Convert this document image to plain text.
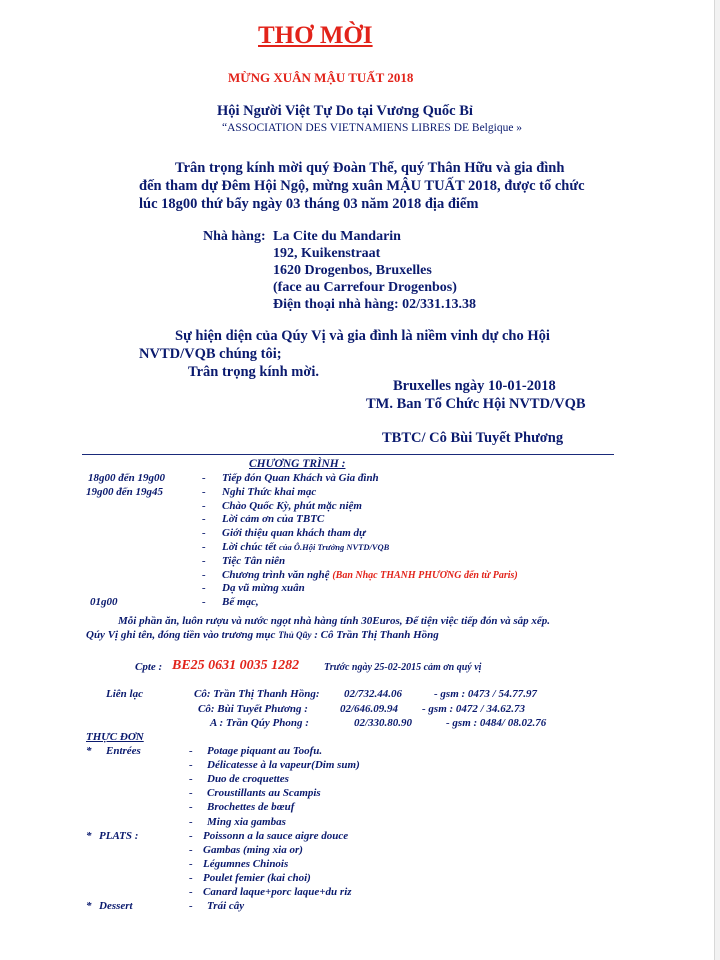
THƠ MỜI
MỪNG XUÂN MẬU TUẤT 2018
Hội Người Việt Tự Do tại Vương Quốc Bỉ
“ASSOCIATION DES VIETNAMIENS LIBRES DE Belgique »
Trân trọng kính mời quý Đoàn Thể, quý Thân Hữu và gia đình
đến tham dự Đêm Hội Ngộ, mừng xuân MẬU TUẤT 2018, được tổ chức
lúc 18g00 thứ bẩy ngày 03 tháng 03 năm 2018 địa điểm
Nhà hàng: La Cite du Mandarin
192, Kuikenstraat
1620 Drogenbos, Bruxelles
(face au Carrefour Drogenbos)
Điện thoại nhà hàng: 02/331.13.38
Sự hiện diện của Qúy Vị và gia đình là niềm vinh dự cho Hội
NVTD/VQB chúng tôi;
Trân trọng kính mời.
Bruxelles ngày 10-01-2018
TM. Ban Tổ Chức Hội NVTD/VQB
TBTC/ Cô Bùi Tuyết Phương
CHƯƠNG TRÌNH :
18g00 đến 19g00	- Tiếp đón Quan Khách và Gia đình
19g00 đến 19g45	- Nghi Thức khai mạc
- Chào Quốc Kỳ, phút mặc niệm
- Lời cảm ơn của TBTC
- Giới thiệu quan khách tham dự
- Lời chúc tết của Ô.Hội Trưởng NVTD/VQB
- Tiệc Tân niên
- Chương trình văn nghệ (Ban Nhạc THANH PHƯƠNG đến từ Paris)
- Dạ vũ mừng xuân
01g00	- Bế mạc,
Mỗi phần ăn, luôn rượu và nước ngọt nhà hàng tính 30Euros, Để tiện việc tiếp đón và sắp xếp.
Qúy Vị ghi tên, đóng tiền vào trương mục Thủ Qũy : Cô Trần Thị Thanh Hồng
Cpte : BE25 0631 0035 1282 Trước ngày 25-02-2015 cảm ơn quý vị
Liên lạc	Cô: Trần Thị Thanh Hồng: 02/732.44.06	- gsm : 0473 / 54.77.97
Cô: Bùi Tuyết Phương :	02/646.09.94 - gsm : 0472 / 34.62.73
A : Trần Qúy Phong :	02/330.80.90	- gsm : 0484/ 08.02.76
THỰC ĐƠN
* Entrées	- Potage piquant au Toofu.
- Délicatesse à la vapeur(Dim sum)
- Duo de croquettes
- Croustillants au Scampis
- Brochettes de bœuf
- Ming xia gambas
* PLATS :	- Poissonn a la sauce aigre douce
- Gambas (ming xia or)
- Légumnes Chinois
- Poulet femier (kai choi)
- Canard laque+porc laque+du riz
* Dessert	- Trái cây
